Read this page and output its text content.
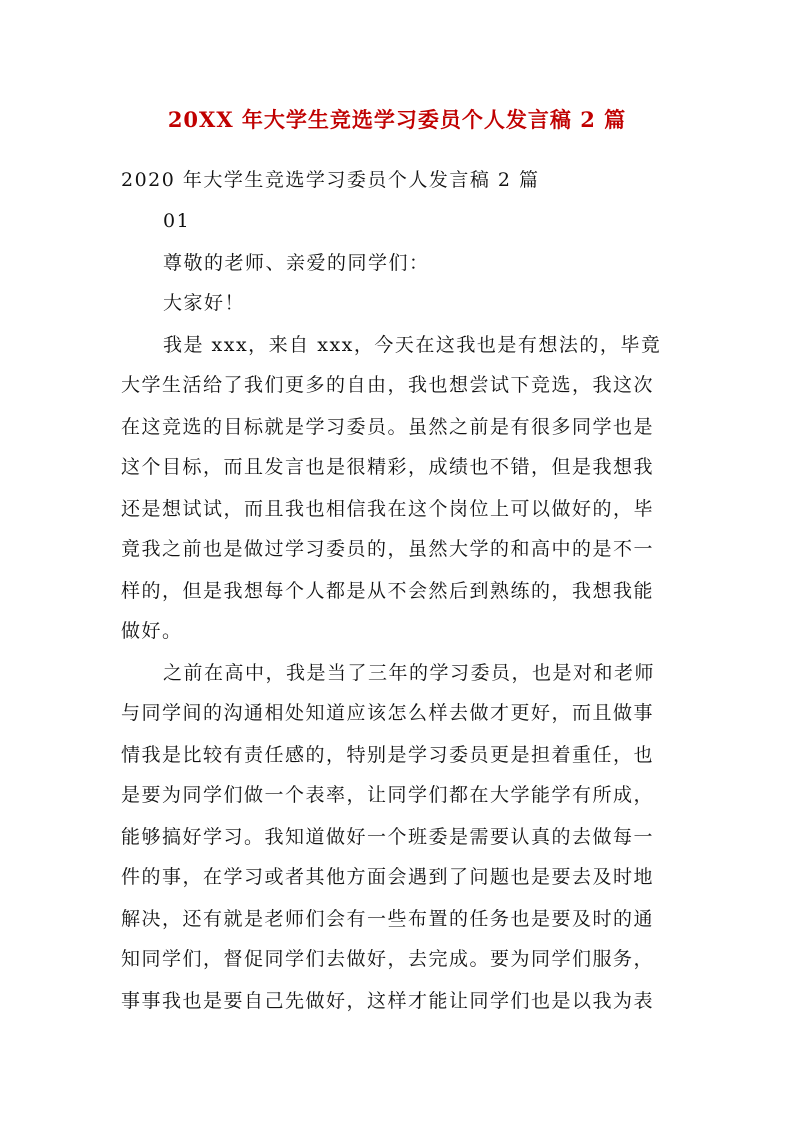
20XX 年大学生竞选学习委员个人发言稿 2 篇
2020 年大学生竞选学习委员个人发言稿 2 篇
01
尊敬的老师、亲爱的同学们：
大家好！
我是 xxx，来自 xxx，今天在这我也是有想法的，毕竟
大学生活给了我们更多的自由，我也想尝试下竞选，我这次
在这竞选的目标就是学习委员。虽然之前是有很多同学也是
这个目标，而且发言也是很精彩，成绩也不错，但是我想我
还是想试试，而且我也相信我在这个岗位上可以做好的，毕
竟我之前也是做过学习委员的，虽然大学的和高中的是不一
样的，但是我想每个人都是从不会然后到熟练的，我想我能
做好。
之前在高中，我是当了三年的学习委员，也是对和老师
与同学间的沟通相处知道应该怎么样去做才更好，而且做事
情我是比较有责任感的，特别是学习委员更是担着重任，也
是要为同学们做一个表率，让同学们都在大学能学有所成，
能够搞好学习。我知道做好一个班委是需要认真的去做每一
件的事，在学习或者其他方面会遇到了问题也是要去及时地
解决，还有就是老师们会有一些布置的任务也是要及时的通
知同学们，督促同学们去做好，去完成。要为同学们服务，
事事我也是要自己先做好，这样才能让同学们也是以我为表
